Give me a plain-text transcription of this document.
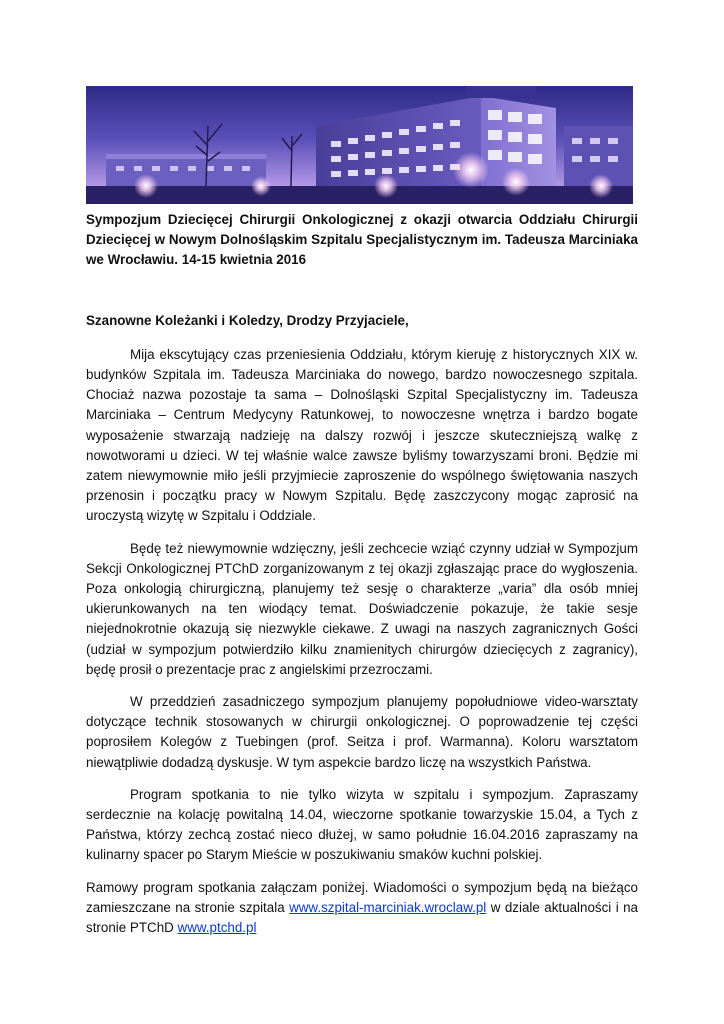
Sympozjum Dziecięcej Chirurgii Onkologicznej z okazji otwarcia Oddziału Chirurgii Dziecięcej w Nowym Dolnośląskim Szpitalu Specjalistycznym im. Tadeusza Marciniaka we Wrocławiu. 14-15 kwietnia 2016

Szanowne Koleżanki i Koledzy, Drodzy Przyjaciele,

Mija ekscytujący czas przeniesienia Oddziału, którym kieruję z historycznych XIX w. budynków Szpitala im. Tadeusza Marciniaka do nowego, bardzo nowoczesnego szpitala. Chociaż nazwa pozostaje ta sama – Dolnośląski Szpital Specjalistyczny im. Tadeusza Marciniaka – Centrum Medycyny Ratunkowej, to nowoczesne wnętrza i bardzo bogate wyposażenie stwarzają nadzieję na dalszy rozwój i jeszcze skuteczniejszą walkę z nowotworami u dzieci. W tej właśnie walce zawsze byliśmy towarzyszami broni. Będzie mi zatem niewymownie miło jeśli przyjmiecie zaproszenie do wspólnego świętowania naszych przenosin i początku pracy w Nowym Szpitalu. Będę zaszczycony mogąc zaprosić na uroczystą wizytę w Szpitalu i Oddziale.

Będę też niewymownie wdzięczny, jeśli zechcecie wziąć czynny udział w Sympozjum Sekcji Onkologicznej PTChD zorganizowanym z tej okazji zgłaszając prace do wygłoszenia. Poza onkologią chirurgiczną, planujemy też sesję o charakterze „varia” dla osób mniej ukierunkowanych na ten wiodący temat. Doświadczenie pokazuje, że takie sesje niejednokrotnie okazują się niezwykle ciekawe. Z uwagi na naszych zagranicznych Gości (udział w sympozjum potwierdziło kilku znamienitych chirurgów dziecięcych z zagranicy), będę prosił o prezentacje prac z angielskimi przezroczami.

W przeddzień zasadniczego sympozjum planujemy popołudniowe video-warsztaty dotyczące technik stosowanych w chirurgii onkologicznej. O poprowadzenie tej części poprosiłem Kolegów z Tuebingen (prof. Seitza i prof. Warmanna). Koloru warsztatom niewątpliwie dodadzą dyskusje. W tym aspekcie bardzo liczę na wszystkich Państwa.

Program spotkania to nie tylko wizyta w szpitalu i sympozjum. Zapraszamy serdecznie na kolację powitalną 14.04, wieczorne spotkanie towarzyskie 15.04, a Tych z Państwa, którzy zechcą zostać nieco dłużej, w samo południe 16.04.2016 zapraszamy na kulinarny spacer po Starym Mieście w poszukiwaniu smaków kuchni polskiej.

Ramowy program spotkania załączam poniżej. Wiadomości o sympozjum będą na bieżąco zamieszczane na stronie szpitala www.szpital-marciniak.wroclaw.pl w dziale aktualności i na stronie PTChD www.ptchd.pl
